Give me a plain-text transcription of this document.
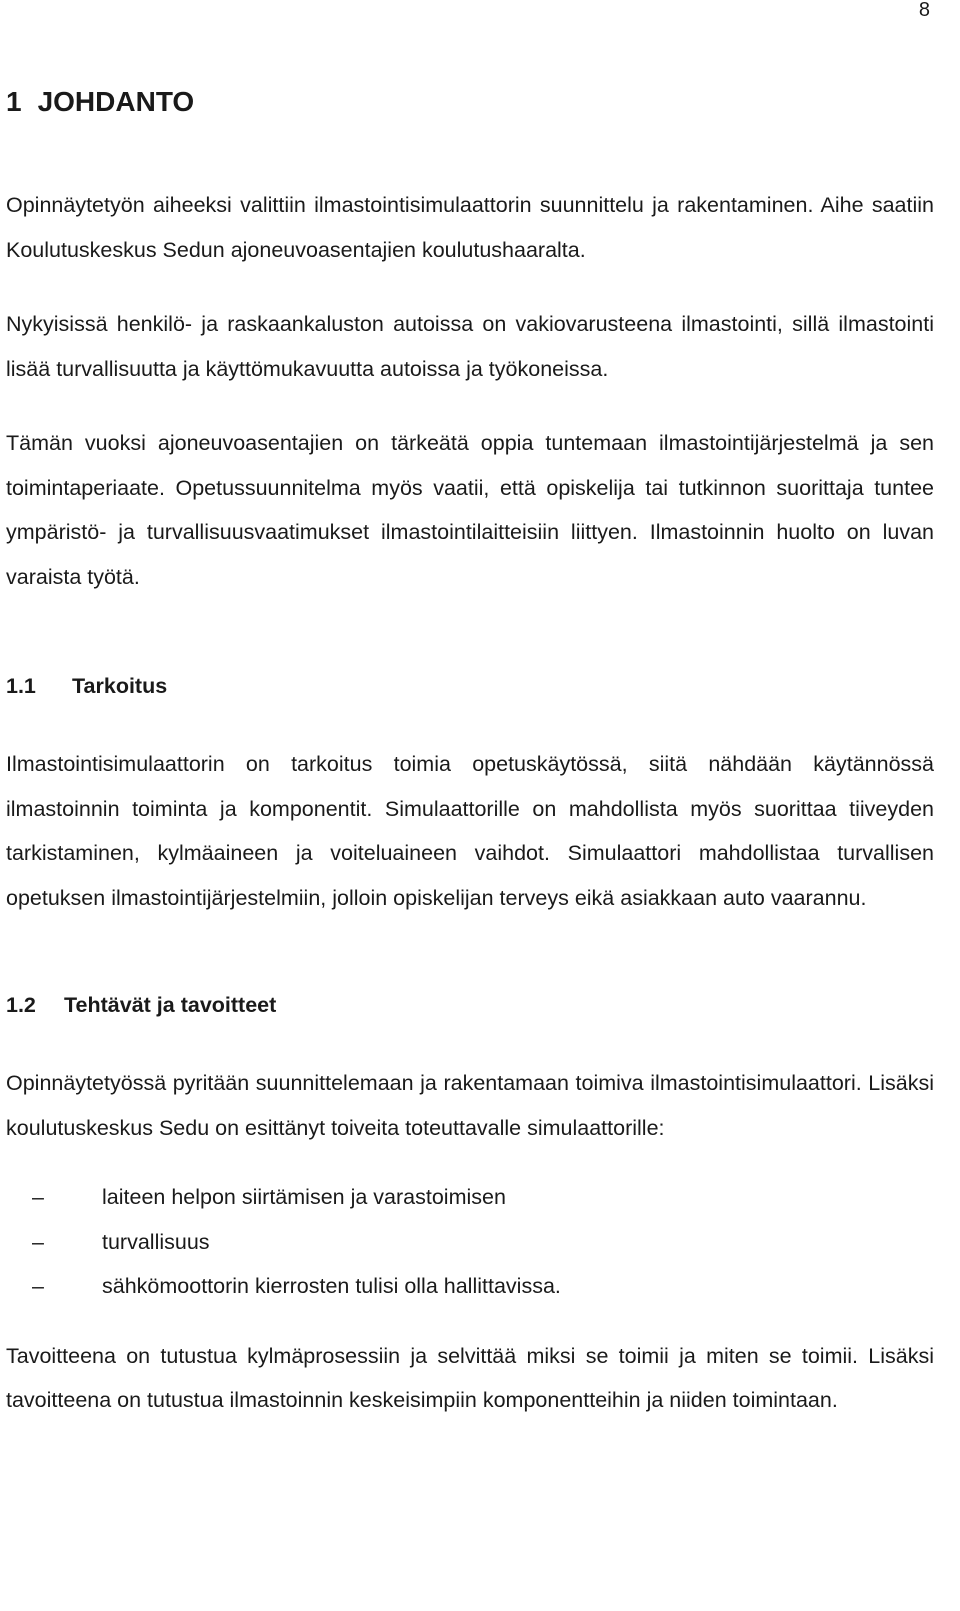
8
1 JOHDANTO

Opinnäytetyön aiheeksi valittiin ilmastointisimulaattorin suunnittelu ja rakentaminen. Aihe saatiin Koulutuskeskus Sedun ajoneuvoasentajien koulutushaaralta.

Nykyisissä henkilö- ja raskaankaluston autoissa on vakiovarusteena ilmastointi, sillä ilmastointi lisää turvallisuutta ja käyttömukavuutta autoissa ja työkoneissa.

Tämän vuoksi ajoneuvoasentajien on tärkeätä oppia tuntemaan ilmastointijärjestelmä ja sen toimintaperiaate. Opetussuunnitelma myös vaatii, että opiskelija tai tutkinnon suorittaja tuntee ympäristö- ja turvallisuusvaatimukset ilmastointilaitteisiin liittyen. Ilmastoinnin huolto on luvan varaista työtä.

1.1 Tarkoitus

Ilmastointisimulaattorin on tarkoitus toimia opetuskäytössä, siitä nähdään käytännössä ilmastoinnin toiminta ja komponentit. Simulaattorille on mahdollista myös suorittaa tiiveyden tarkistaminen, kylmäaineen ja voiteluaineen vaihdot. Simulaattori mahdollistaa turvallisen opetuksen ilmastointijärjestelmiin, jolloin opiskelijan terveys eikä asiakkaan auto vaarannu.

1.2 Tehtävät ja tavoitteet

Opinnäytetyössä pyritään suunnittelemaan ja rakentamaan toimiva ilmastointisimulaattori. Lisäksi koulutuskeskus Sedu on esittänyt toiveita toteuttavalle simulaattorille:

–	laiteen helpon siirtämisen ja varastoimisen
–	turvallisuus
–	sähkömoottorin kierrosten tulisi olla hallittavissa.

Tavoitteena on tutustua kylmäprosessiin ja selvittää miksi se toimii ja miten se toimii. Lisäksi tavoitteena on tutustua ilmastoinnin keskeisimpiin komponentteihin ja niiden toimintaan.
